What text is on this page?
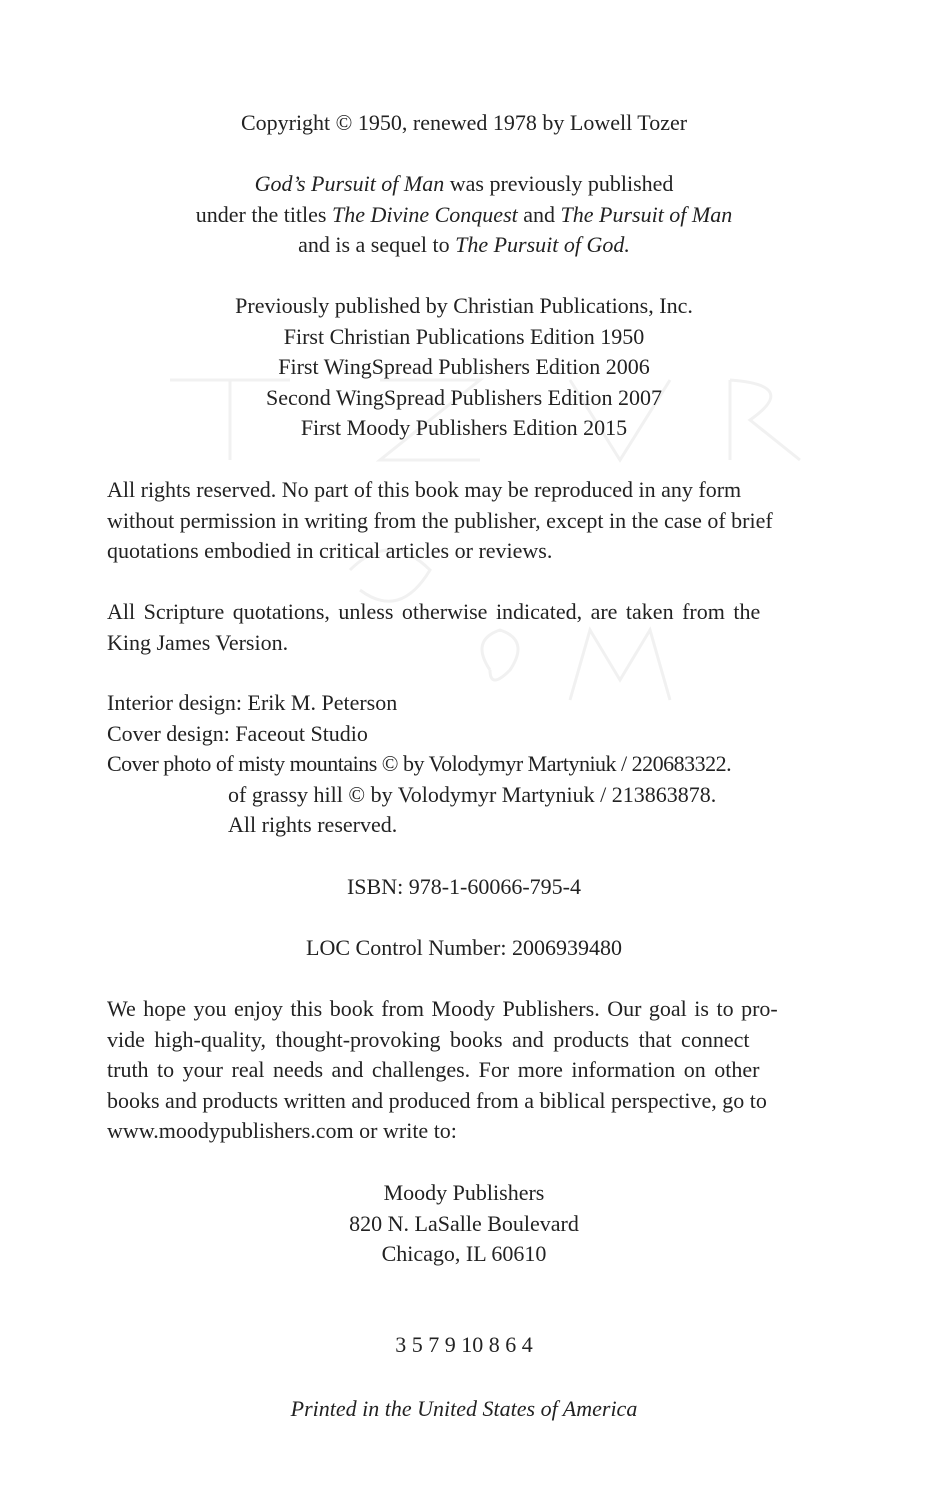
Copyright © 1950, renewed 1978 by Lowell Tozer

God’s Pursuit of Man was previously published
under the titles The Divine Conquest and The Pursuit of Man
and is a sequel to The Pursuit of God.

Previously published by Christian Publications, Inc.
First Christian Publications Edition 1950
First WingSpread Publishers Edition 2006
Second WingSpread Publishers Edition 2007
First Moody Publishers Edition 2015

All rights reserved. No part of this book may be reproduced in any form
without permission in writing from the publisher, except in the case of brief
quotations embodied in critical articles or reviews.

All Scripture quotations, unless otherwise indicated, are taken from the
King James Version.

Interior design: Erik M. Peterson
Cover design: Faceout Studio
Cover photo of misty mountains © by Volodymyr Martyniuk / 220683322.
of grassy hill © by Volodymyr Martyniuk / 213863878.
All rights reserved.

ISBN: 978-1-60066-795-4

LOC Control Number: 2006939480

We hope you enjoy this book from Moody Publishers. Our goal is to pro-
vide high-quality, thought-provoking books and products that connect
truth to your real needs and challenges. For more information on other
books and products written and produced from a biblical perspective, go to
www.moodypublishers.com or write to:

Moody Publishers
820 N. LaSalle Boulevard
Chicago, IL 60610

3 5 7 9 10 8 6 4

Printed in the United States of America
